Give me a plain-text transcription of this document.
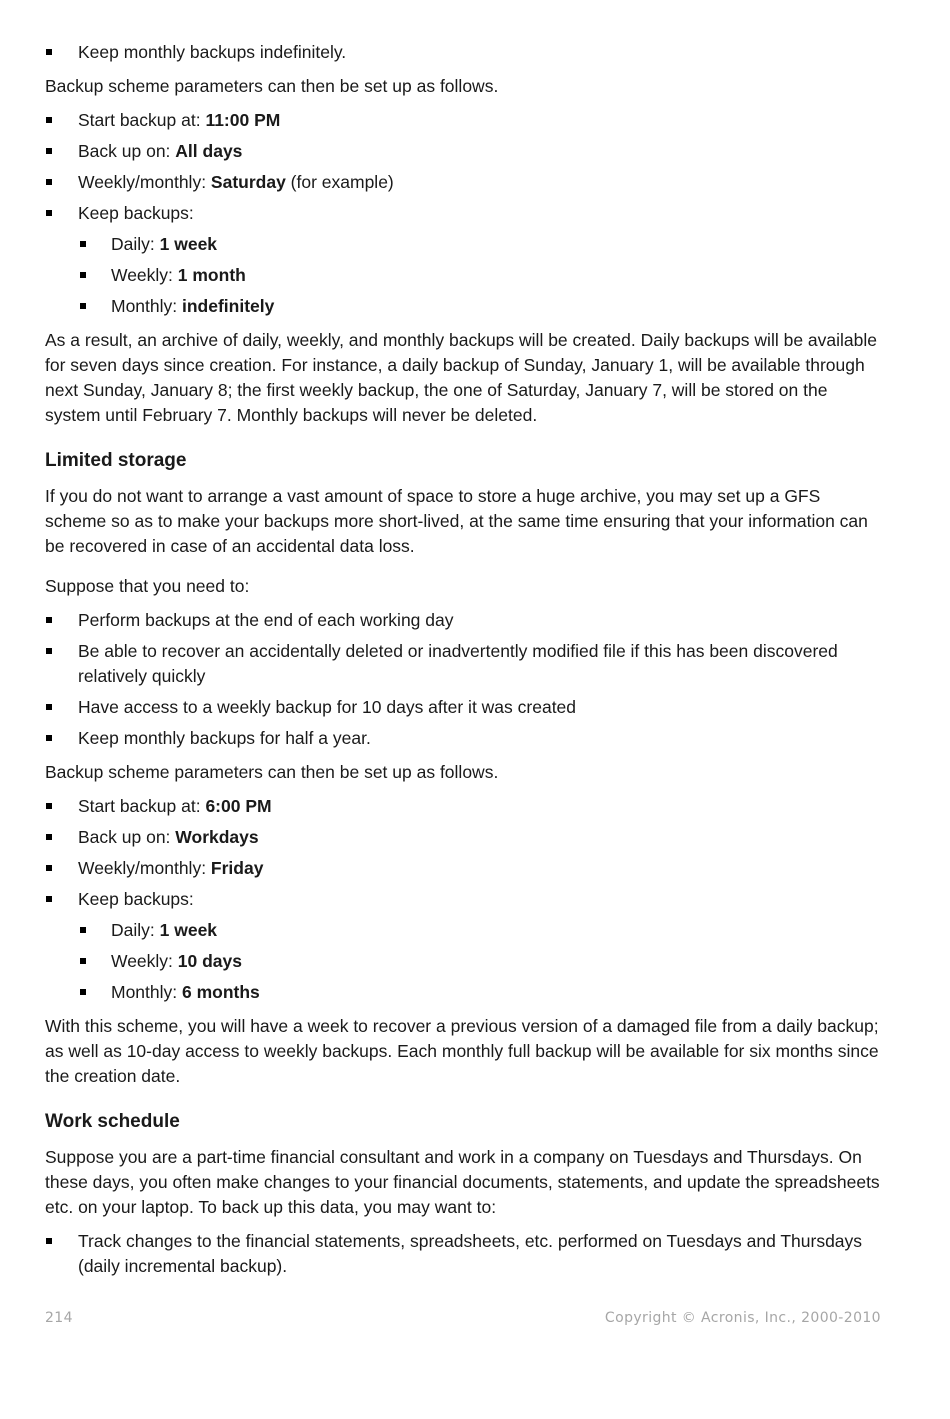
Keep monthly backups indefinitely.

Backup scheme parameters can then be set up as follows.

Start backup at: 11:00 PM
Back up on: All days
Weekly/monthly: Saturday (for example)
Keep backups:
Daily: 1 week
Weekly: 1 month
Monthly: indefinitely

As a result, an archive of daily, weekly, and monthly backups will be created. Daily backups will be available for seven days since creation. For instance, a daily backup of Sunday, January 1, will be available through next Sunday, January 8; the first weekly backup, the one of Saturday, January 7, will be stored on the system until February 7. Monthly backups will never be deleted.

Limited storage

If you do not want to arrange a vast amount of space to store a huge archive, you may set up a GFS scheme so as to make your backups more short-lived, at the same time ensuring that your information can be recovered in case of an accidental data loss.

Suppose that you need to:

Perform backups at the end of each working day
Be able to recover an accidentally deleted or inadvertently modified file if this has been discovered relatively quickly
Have access to a weekly backup for 10 days after it was created
Keep monthly backups for half a year.

Backup scheme parameters can then be set up as follows.

Start backup at: 6:00 PM
Back up on: Workdays
Weekly/monthly: Friday
Keep backups:
Daily: 1 week
Weekly: 10 days
Monthly: 6 months

With this scheme, you will have a week to recover a previous version of a damaged file from a daily backup; as well as 10-day access to weekly backups. Each monthly full backup will be available for six months since the creation date.

Work schedule

Suppose you are a part-time financial consultant and work in a company on Tuesdays and Thursdays. On these days, you often make changes to your financial documents, statements, and update the spreadsheets etc. on your laptop. To back up this data, you may want to:

Track changes to the financial statements, spreadsheets, etc. performed on Tuesdays and Thursdays (daily incremental backup).
214	Copyright © Acronis, Inc., 2000-2010
